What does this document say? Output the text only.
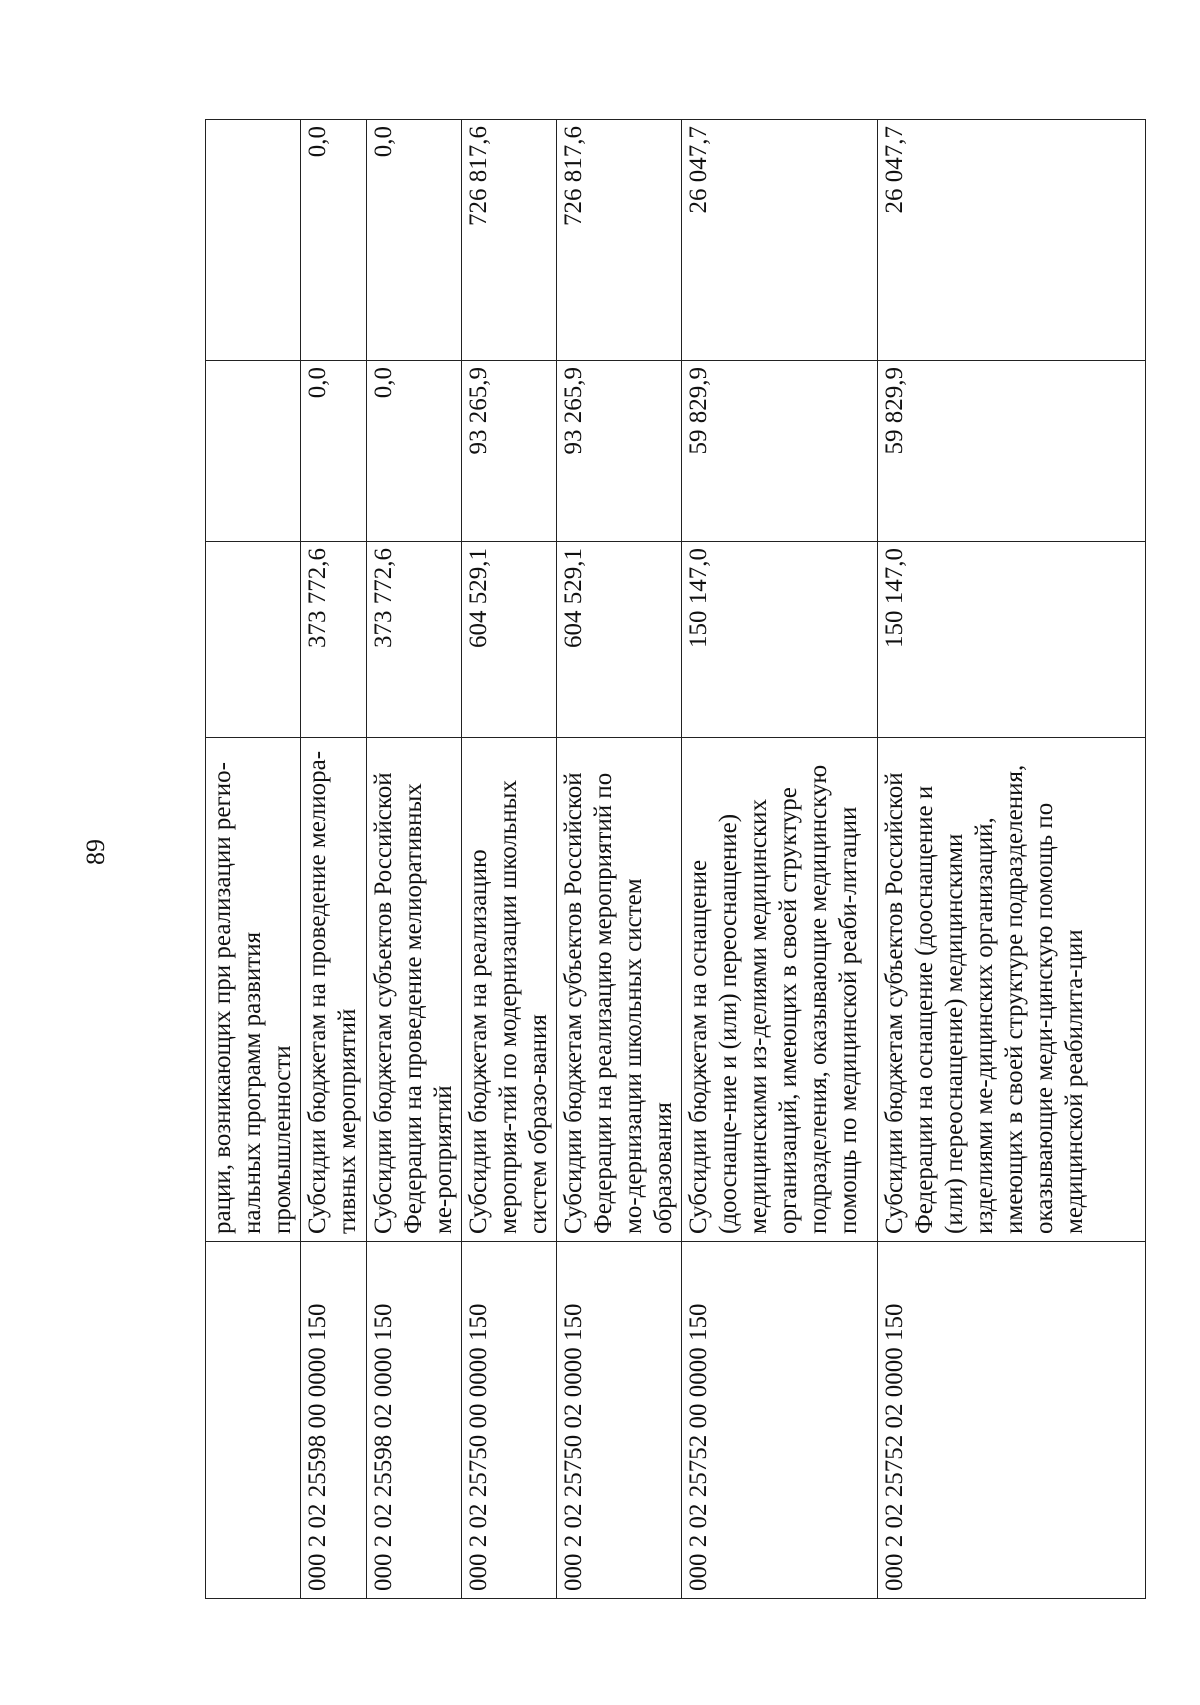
89
		рации, возникающих при реализации регио-нальных программ развития промышленности			
000 2 02 25598 00 0000 150	Субсидии бюджетам на проведение мелиора-тивных мероприятий	373 772,6	0,0	0,0
000 2 02 25598 02 0000 150	Субсидии бюджетам субъектов Российской Федерации на проведение мелиоративных ме-роприятий	373 772,6	0,0	0,0
000 2 02 25750 00 0000 150	Субсидии бюджетам на реализацию мероприя-тий по модернизации школьных систем образо-вания	604 529,1	93 265,9	726 817,6
000 2 02 25750 02 0000 150	Субсидии бюджетам субъектов Российской Федерации на реализацию мероприятий по мо-дернизации школьных систем образования	604 529,1	93 265,9	726 817,6
000 2 02 25752 00 0000 150	Субсидии бюджетам на оснащение (дооснаще-ние и (или) переоснащение) медицинскими из-делиями медицинских организаций, имеющих в своей структуре подразделения, оказывающие медицинскую помощь по медицинской реаби-литации	150 147,0	59 829,9	26 047,7
000 2 02 25752 02 0000 150	Субсидии бюджетам субъектов Российской Федерации на оснащение (дооснащение и (или) переоснащение) медицинскими изделиями ме-дицинских организаций, имеющих в своей структуре подразделения, оказывающие меди-цинскую помощь по медицинской реабилита-ции	150 147,0	59 829,9	26 047,7
